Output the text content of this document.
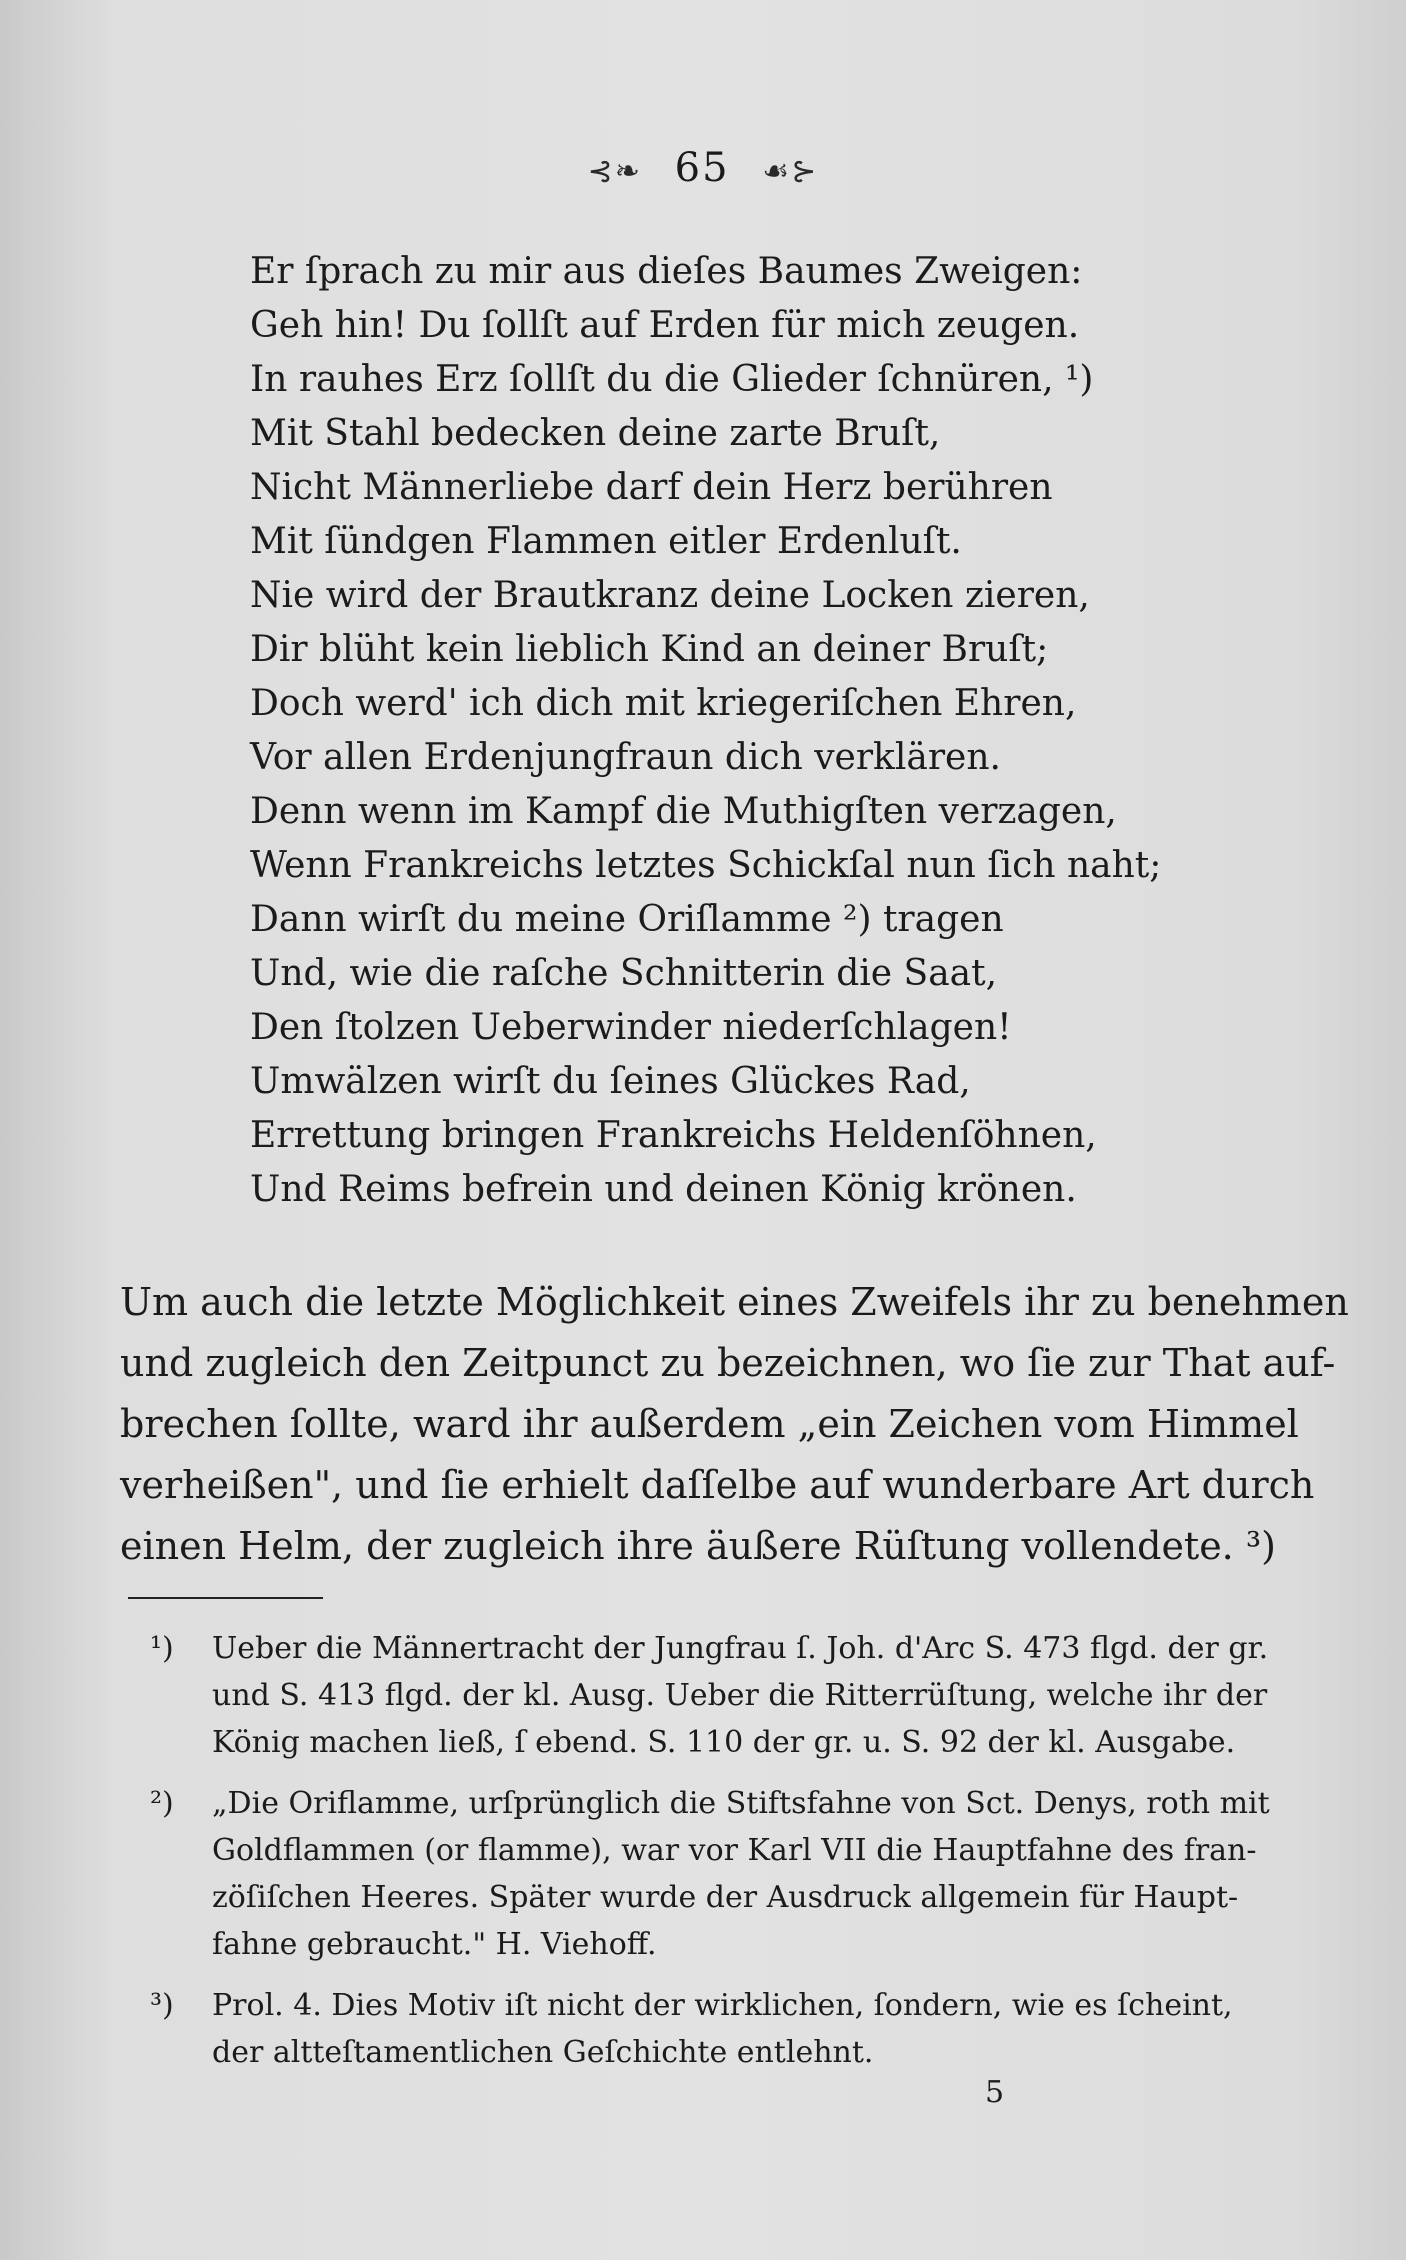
⊰❧ 65 ☙⊱
Er ſprach zu mir aus dieſes Baumes Zweigen:
Geh hin! Du ſollſt auf Erden für mich zeugen.
In rauhes Erz ſollſt du die Glieder ſchnüren, ¹)
Mit Stahl bedecken deine zarte Bruſt,
Nicht Männerliebe darf dein Herz berühren
Mit ſündgen Flammen eitler Erdenluſt.
Nie wird der Brautkranz deine Locken zieren,
Dir blüht kein lieblich Kind an deiner Bruſt;
Doch werd' ich dich mit kriegeriſchen Ehren,
Vor allen Erdenjungfraun dich verklären.
Denn wenn im Kampf die Muthigſten verzagen,
Wenn Frankreichs letztes Schickſal nun ſich naht;
Dann wirſt du meine Oriſlamme ²) tragen
Und, wie die raſche Schnitterin die Saat,
Den ſtolzen Ueberwinder niederſchlagen!
Umwälzen wirſt du ſeines Glückes Rad,
Errettung bringen Frankreichs Heldenſöhnen,
Und Reims befrein und deinen König krönen.
Um auch die letzte Möglichkeit eines Zweifels ihr zu benehmen
und zugleich den Zeitpunct zu bezeichnen, wo ſie zur That auf-
brechen ſollte, ward ihr außerdem „ein Zeichen vom Himmel
verheißen", und ſie erhielt daſſelbe auf wunderbare Art durch
einen Helm, der zugleich ihre äußere Rüſtung vollendete. ³)
¹) Ueber die Männertracht der Jungfrau ſ. Joh. d'Arc S. 473 flgd. der gr.
und S. 413 flgd. der kl. Ausg. Ueber die Ritterrüſtung, welche ihr der
König machen ließ, ſ ebend. S. 110 der gr. u. S. 92 der kl. Ausgabe.
²) „Die Oriflamme, urſprünglich die Stiftsfahne von Sct. Denys, roth mit
Goldflammen (or flamme), war vor Karl VII die Hauptfahne des fran-
zöſiſchen Heeres. Später wurde der Ausdruck allgemein für Haupt-
fahne gebraucht." H. Viehoff.
³) Prol. 4. Dies Motiv iſt nicht der wirklichen, ſondern, wie es ſcheint,
der altteſtamentlichen Geſchichte entlehnt.
5
